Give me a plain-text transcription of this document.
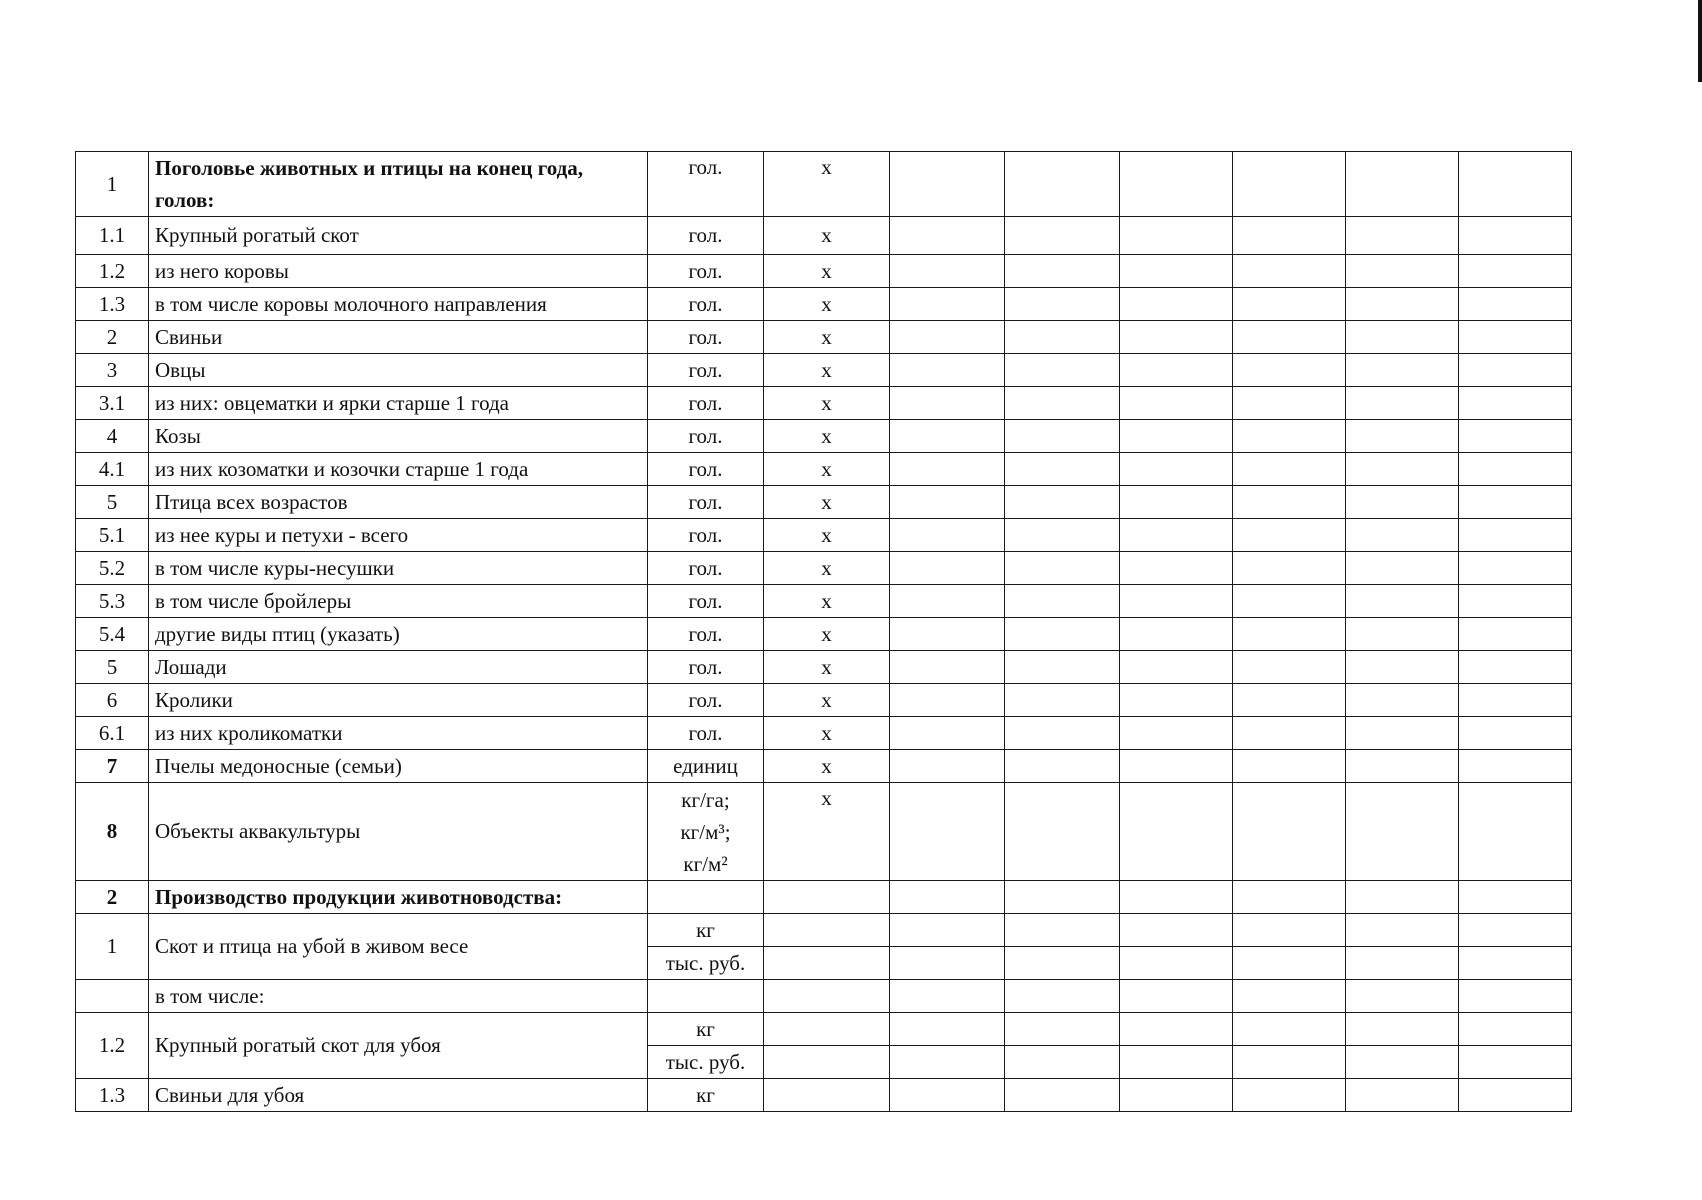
1	Поголовье животных и птицы на конец года, голов:	гол.	x						
1.1	Крупный рогатый скот	гол.	x						
1.2	из него коровы	гол.	x						
1.3	в том числе коровы молочного направления	гол.	x						
2	Свиньи	гол.	x						
3	Овцы	гол.	x						
3.1	из них: овцематки и ярки старше 1 года	гол.	x						
4	Козы	гол.	x						
4.1	из них козоматки и козочки старше 1 года	гол.	x						
5	Птица всех возрастов	гол.	x						
5.1	из нее куры и петухи - всего	гол.	x						
5.2	в том числе куры-несушки	гол.	x						
5.3	в том числе бройлеры	гол.	x						
5.4	другие виды птиц (указать)	гол.	x						
5	Лошади	гол.	x						
6	Кролики	гол.	x						
6.1	из них кроликоматки	гол.	x						
7	Пчелы медоносные (семьи)	единиц	x						
8	Объекты аквакультуры	кг/га;
кг/м³;
кг/м²	x						
2	Производство продукции животноводства:								
1	Скот и птица на убой в живом весе	кг							
		тыс. руб.							
	в том числе:								
1.2	Крупный рогатый скот для убоя	кг							
		тыс. руб.							
1.3	Свиньи для убоя	кг							
